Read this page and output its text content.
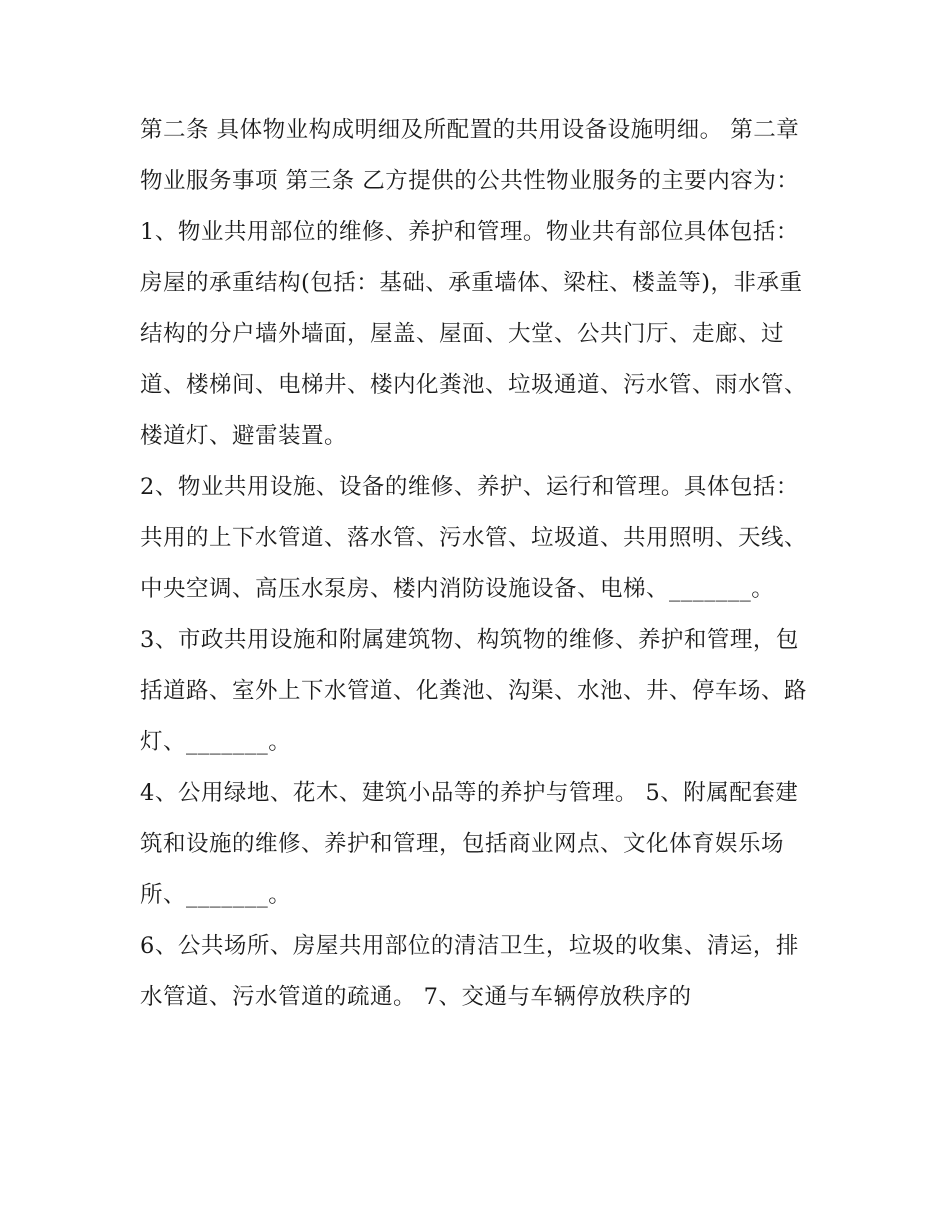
第二条 具体物业构成明细及所配置的共用设备设施明细。 第二章物业服务事项 第三条 乙方提供的公共性物业服务的主要内容为：

1、物业共用部位的维修、养护和管理。物业共有部位具体包括：房屋的承重结构(包括：基础、承重墙体、梁柱、楼盖等)，非承重结构的分户墙外墙面，屋盖、屋面、大堂、公共门厅、走廊、过道、楼梯间、电梯井、楼内化粪池、垃圾通道、污水管、雨水管、楼道灯、避雷装置。

2、物业共用设施、设备的维修、养护、运行和管理。具体包括：共用的上下水管道、落水管、污水管、垃圾道、共用照明、天线、中央空调、高压水泵房、楼内消防设施设备、电梯、_______。

3、市政共用设施和附属建筑物、构筑物的维修、养护和管理，包括道路、室外上下水管道、化粪池、沟渠、水池、井、停车场、路灯、_______。

4、公用绿地、花木、建筑小品等的养护与管理。 5、附属配套建筑和设施的维修、养护和管理，包括商业网点、文化体育娱乐场所、_______。

6、公共场所、房屋共用部位的清洁卫生，垃圾的收集、清运，排水管道、污水管道的疏通。 7、交通与车辆停放秩序的
